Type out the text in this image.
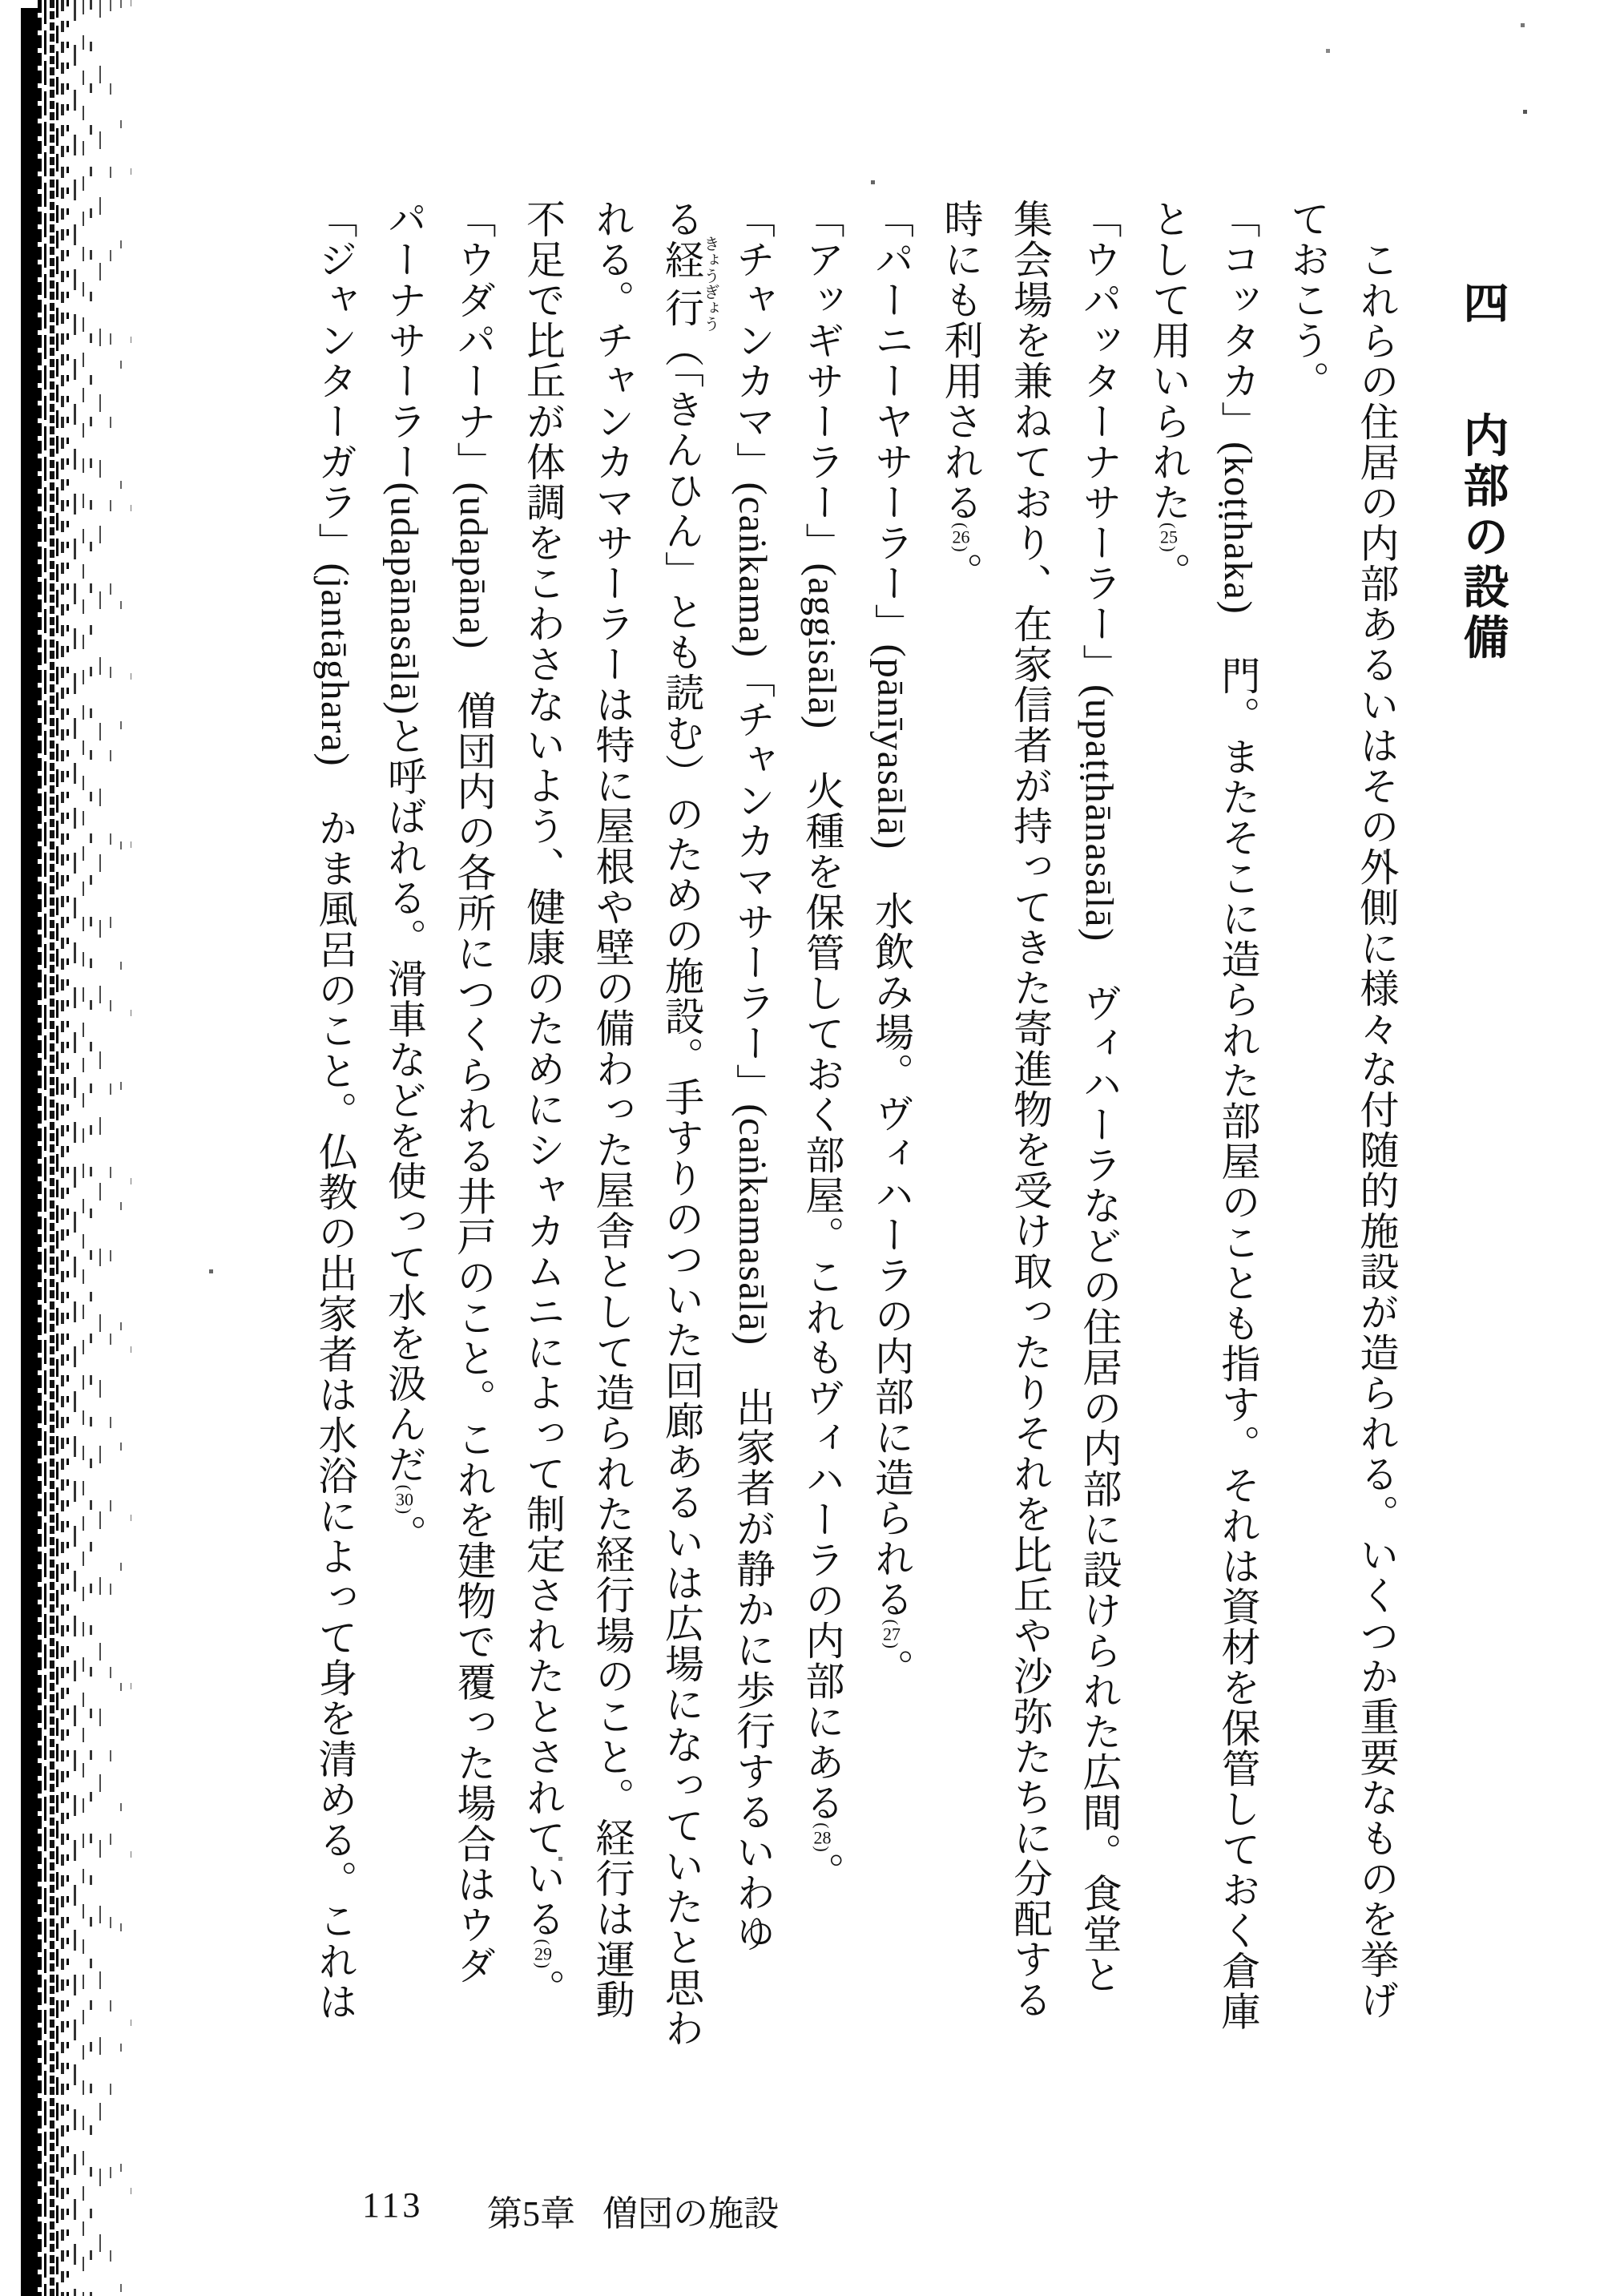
四  内部の設備
これらの住居の内部あるいはその外側に様々な付随的施設が造られる。いくつか重要なものを挙げ
ておこう。
「コッタカ」(koṭṭhaka)　門。またそこに造られた部屋のことも指す。それは資材を保管しておく倉庫
として用いられた(25)。
「ウパッターナサーラー」(upaṭṭhānasālā)　ヴィハーラなどの住居の内部に設けられた広間。食堂と
集会場を兼ねており、在家信者が持ってきた寄進物を受け取ったりそれを比丘や沙弥たちに分配する
時にも利用される(26)。
「パーニーヤサーラー」(pānīyasālā)　水飲み場。ヴィハーラの内部に造られる(27)。
「アッギサーラー」(aggisālā)　火種を保管しておく部屋。これもヴィハーラの内部にある(28)。
「チャンカマ」(caṅkama)「チャンカマサーラー」(caṅkamasālā)　出家者が静かに歩行するいわゆ
る経行きょうぎょう（「きんひん」とも読む）のための施設。手すりのついた回廊あるいは広場になっていたと思わ
れる。チャンカマサーラーは特に屋根や壁の備わった屋舎として造られた経行場のこと。経行は運動
不足で比丘が体調をこわさないよう、健康のためにシャカムニによって制定されたとされている(29)。
「ウダパーナ」(udapāna)　僧団内の各所につくられる井戸のこと。これを建物で覆った場合はウダ
パーナサーラー(udapānasālā)と呼ばれる。滑車などを使って水を汲んだ(30)。
「ジャンターガラ」(jantāghara)　かま風呂のこと。仏教の出家者は水浴によって身を清める。これは
113 第5章 僧団の施設
